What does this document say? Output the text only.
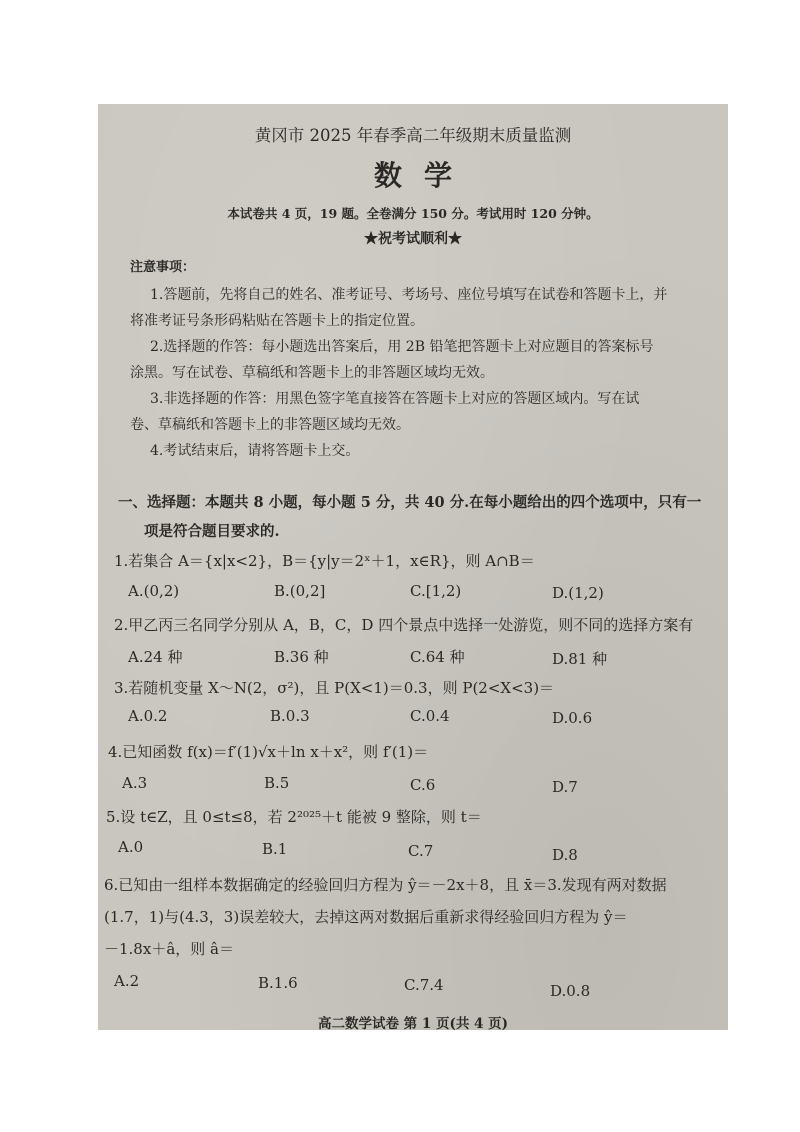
黄冈市 2025 年春季高二年级期末质量监测
数学
本试卷共 4 页，19 题。全卷满分 150 分。考试用时 120 分钟。
★祝考试顺利★
注意事项：
1.答题前，先将自己的姓名、准考证号、考场号、座位号填写在试卷和答题卡上，并
将准考证号条形码粘贴在答题卡上的指定位置。
2.选择题的作答：每小题选出答案后，用 2B 铅笔把答题卡上对应题目的答案标号
涂黑。写在试卷、草稿纸和答题卡上的非答题区域均无效。
3.非选择题的作答：用黑色签字笔直接答在答题卡上对应的答题区域内。写在试
卷、草稿纸和答题卡上的非答题区域均无效。
4.考试结束后，请将答题卡上交。
一、选择题：本题共 8 小题，每小题 5 分，共 40 分.在每小题给出的四个选项中，只有一
项是符合题目要求的.
1.若集合 A＝{x|x<2}，B＝{y|y＝2ˣ＋1，x∈R}，则 A∩B＝
A.(0,2)	B.(0,2]	C.[1,2)	D.(1,2)
2.甲乙丙三名同学分别从 A，B，C，D 四个景点中选择一处游览，则不同的选择方案有
A.24 种	B.36 种	C.64 种	D.81 种
3.若随机变量 X～N(2，σ²)，且 P(X<1)＝0.3，则 P(2<X<3)＝
A.0.2	B.0.3	C.0.4	D.0.6
4.已知函数 f(x)＝f′(1)√x＋ln x＋x²，则 f′(1)＝
A.3	B.5	C.6	D.7
5.设 t∈Z，且 0≤t≤8，若 2²⁰²⁵＋t 能被 9 整除，则 t＝
A.0	B.1	C.7	D.8
6.已知由一组样本数据确定的经验回归方程为 ŷ＝－2x＋8，且 x̄＝3.发现有两对数据
(1.7，1)与(4.3，3)误差较大，去掉这两对数据后重新求得经验回归方程为 ŷ＝
－1.8x＋â，则 â＝
A.2	B.1.6	C.7.4	D.0.8
高二数学试卷 第 1 页(共 4 页)
